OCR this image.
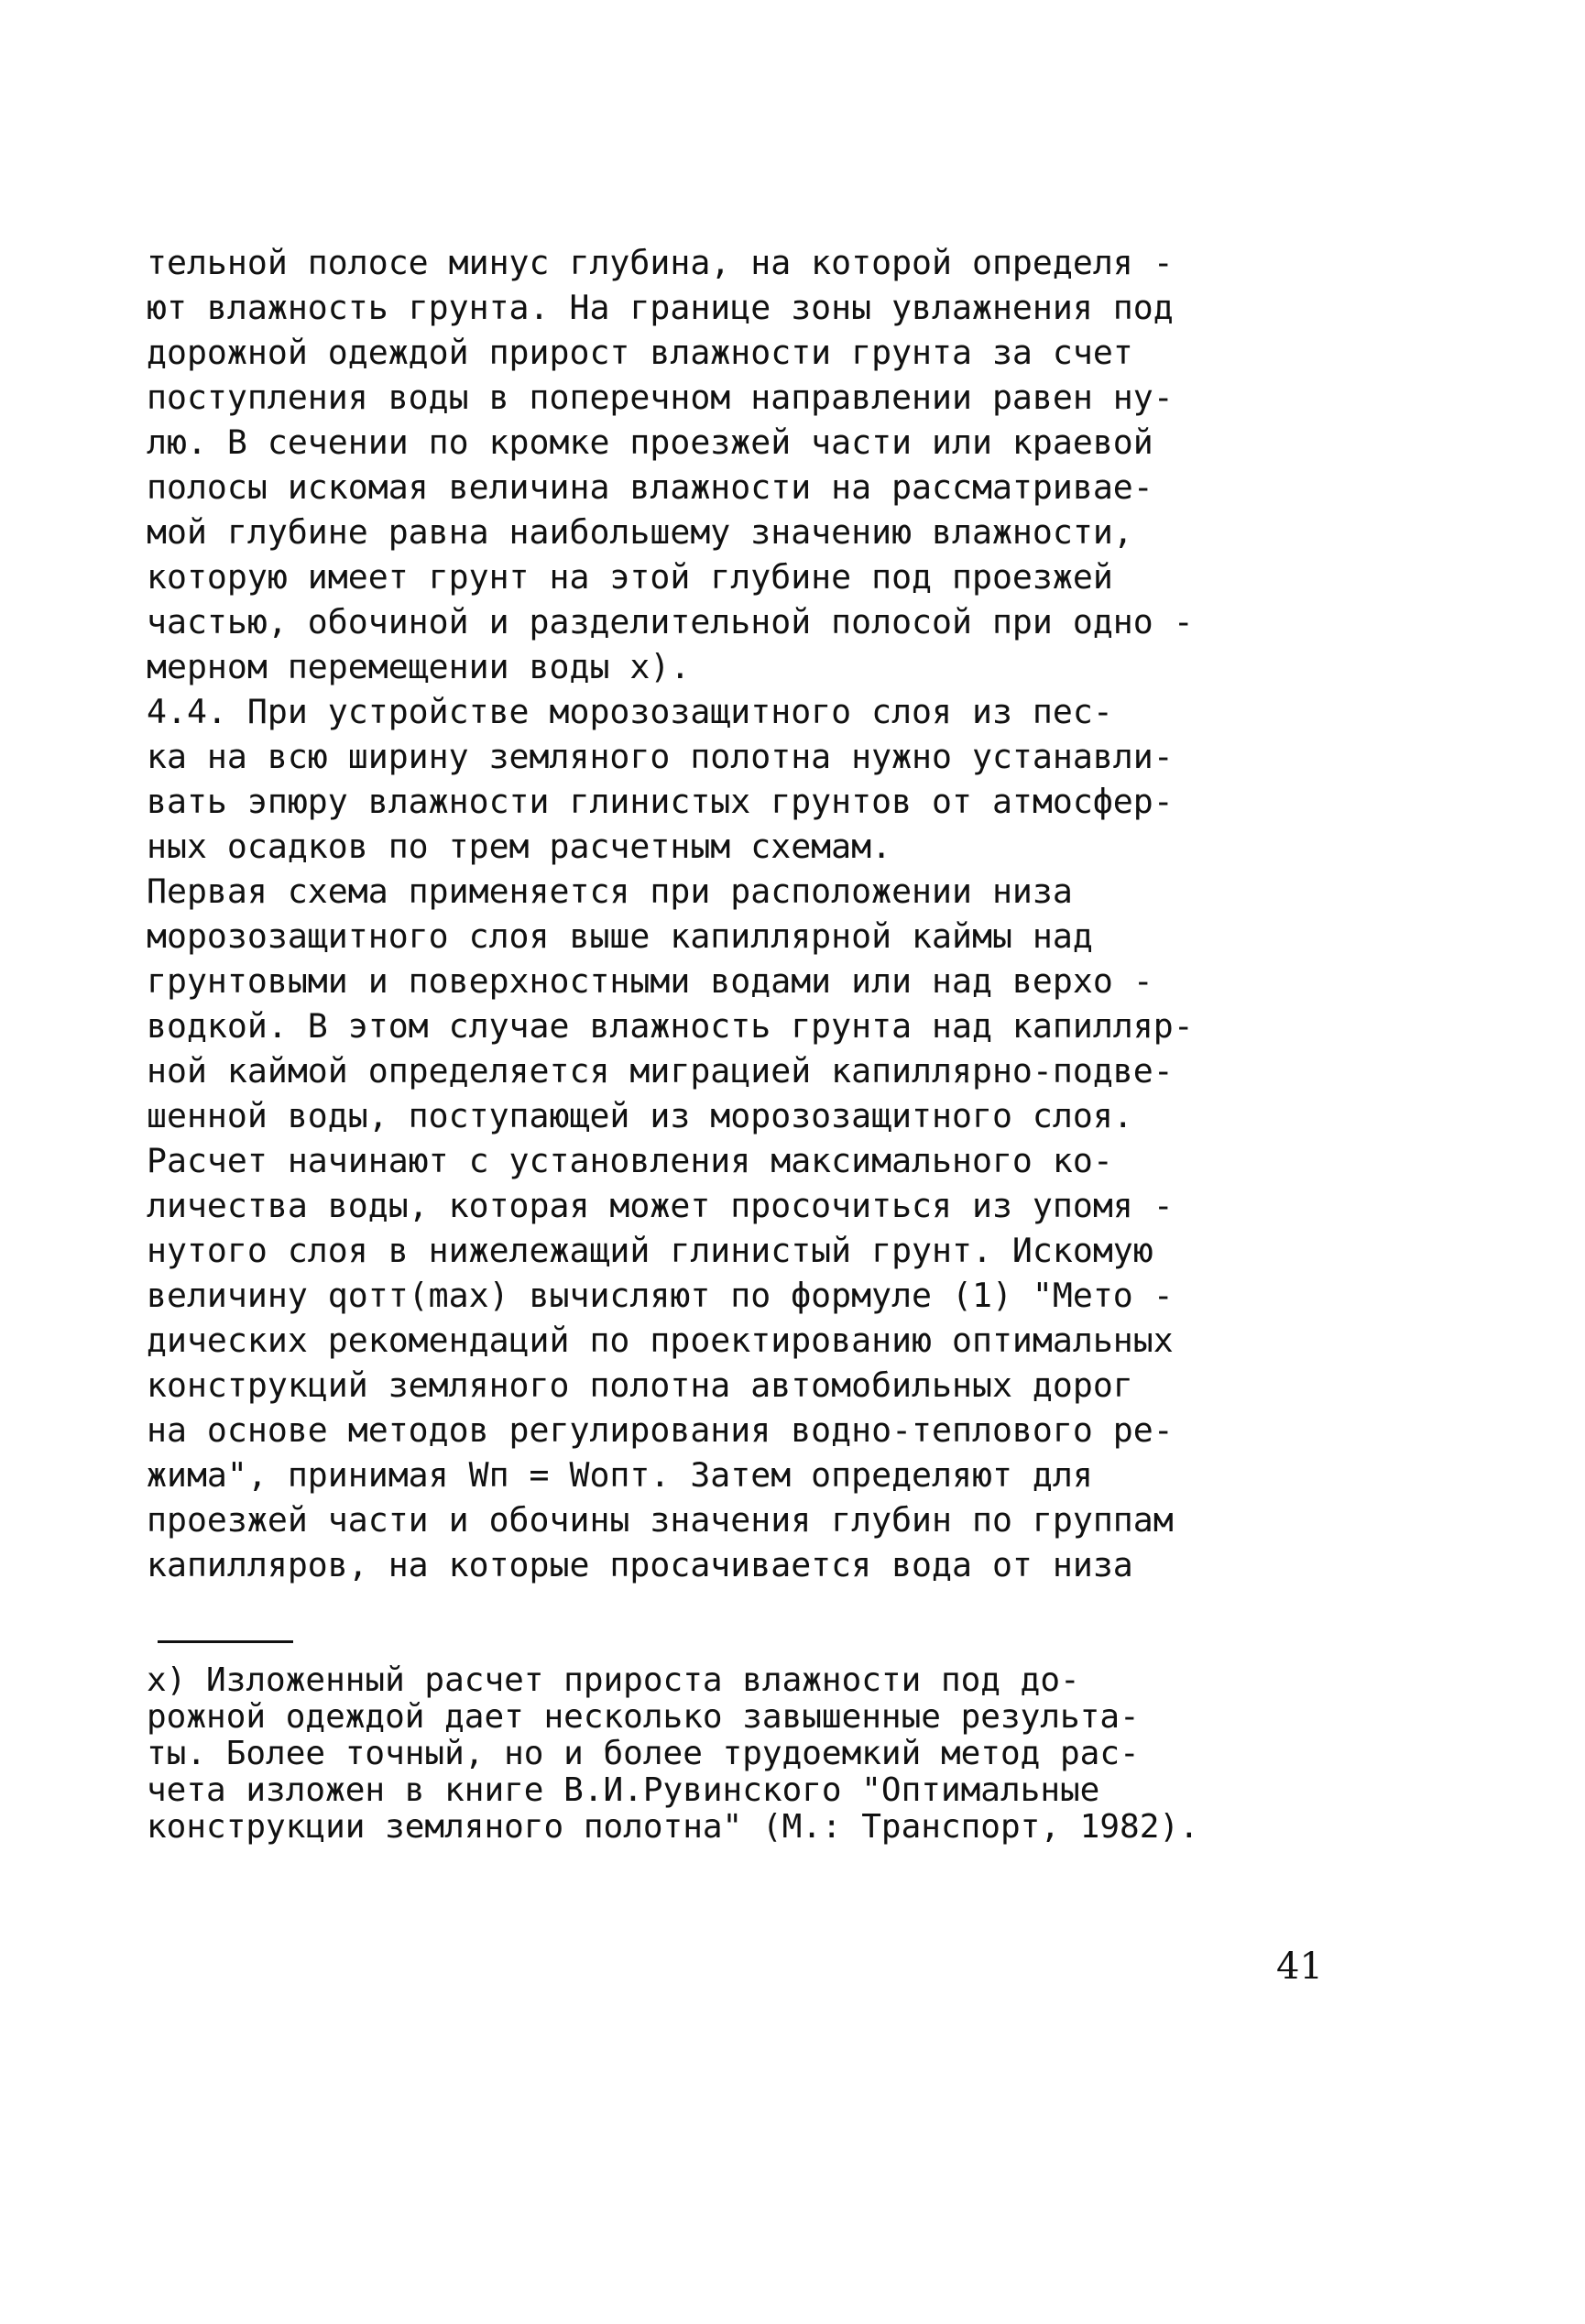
тельной полосе минус глубина, на которой определя -
ют влажность грунта. На границе зоны увлажнения под
дорожной одеждой прирост влажности грунта за счет
поступления воды в поперечном направлении равен ну-
лю. В сечении по кромке проезжей части или краевой
полосы искомая величина влажности на рассматривае-
мой глубине равна наибольшему значению влажности,
которую имеет грунт на этой глубине под проезжей
частью, обочиной и разделительной полосой при одно -
мерном перемещении воды x).
4.4. При устройстве морозозащитного слоя из пес-
ка на всю ширину земляного полотна нужно устанавли-
вать эпюру влажности глинистых грунтов от атмосфер-
ных осадков по трем расчетным схемам.
Первая схема применяется при расположении низа
морозозащитного слоя выше капиллярной каймы над
грунтовыми и поверхностными водами или над верхо -
водкой. В этом случае влажность грунта над капилляр-
ной каймой определяется миграцией капиллярно-подве-
шенной воды, поступающей из морозозащитного слоя.
Расчет начинают с установления максимального ко-
личества воды, которая может просочиться из упомя -
нутого слоя в нижележащий глинистый грунт. Искомую
величину qотт(max) вычисляют по формуле (1) "Мето -
дических рекомендаций по проектированию оптимальных
конструкций земляного полотна автомобильных дорог
на основе методов регулирования водно-теплового ре-
жима", принимая Wп = Wопт. Затем определяют для
проезжей части и обочины значения глубин по группам
капилляров, на которые просачивается вода от низа
x) Изложенный расчет прироста влажности под до-
рожной одеждой дает несколько завышенные результа-
ты. Более точный, но и более трудоемкий метод рас-
чета изложен в книге В.И.Рувинского "Оптимальные
конструкции земляного полотна" (М.: Транспорт, 1982).
41
